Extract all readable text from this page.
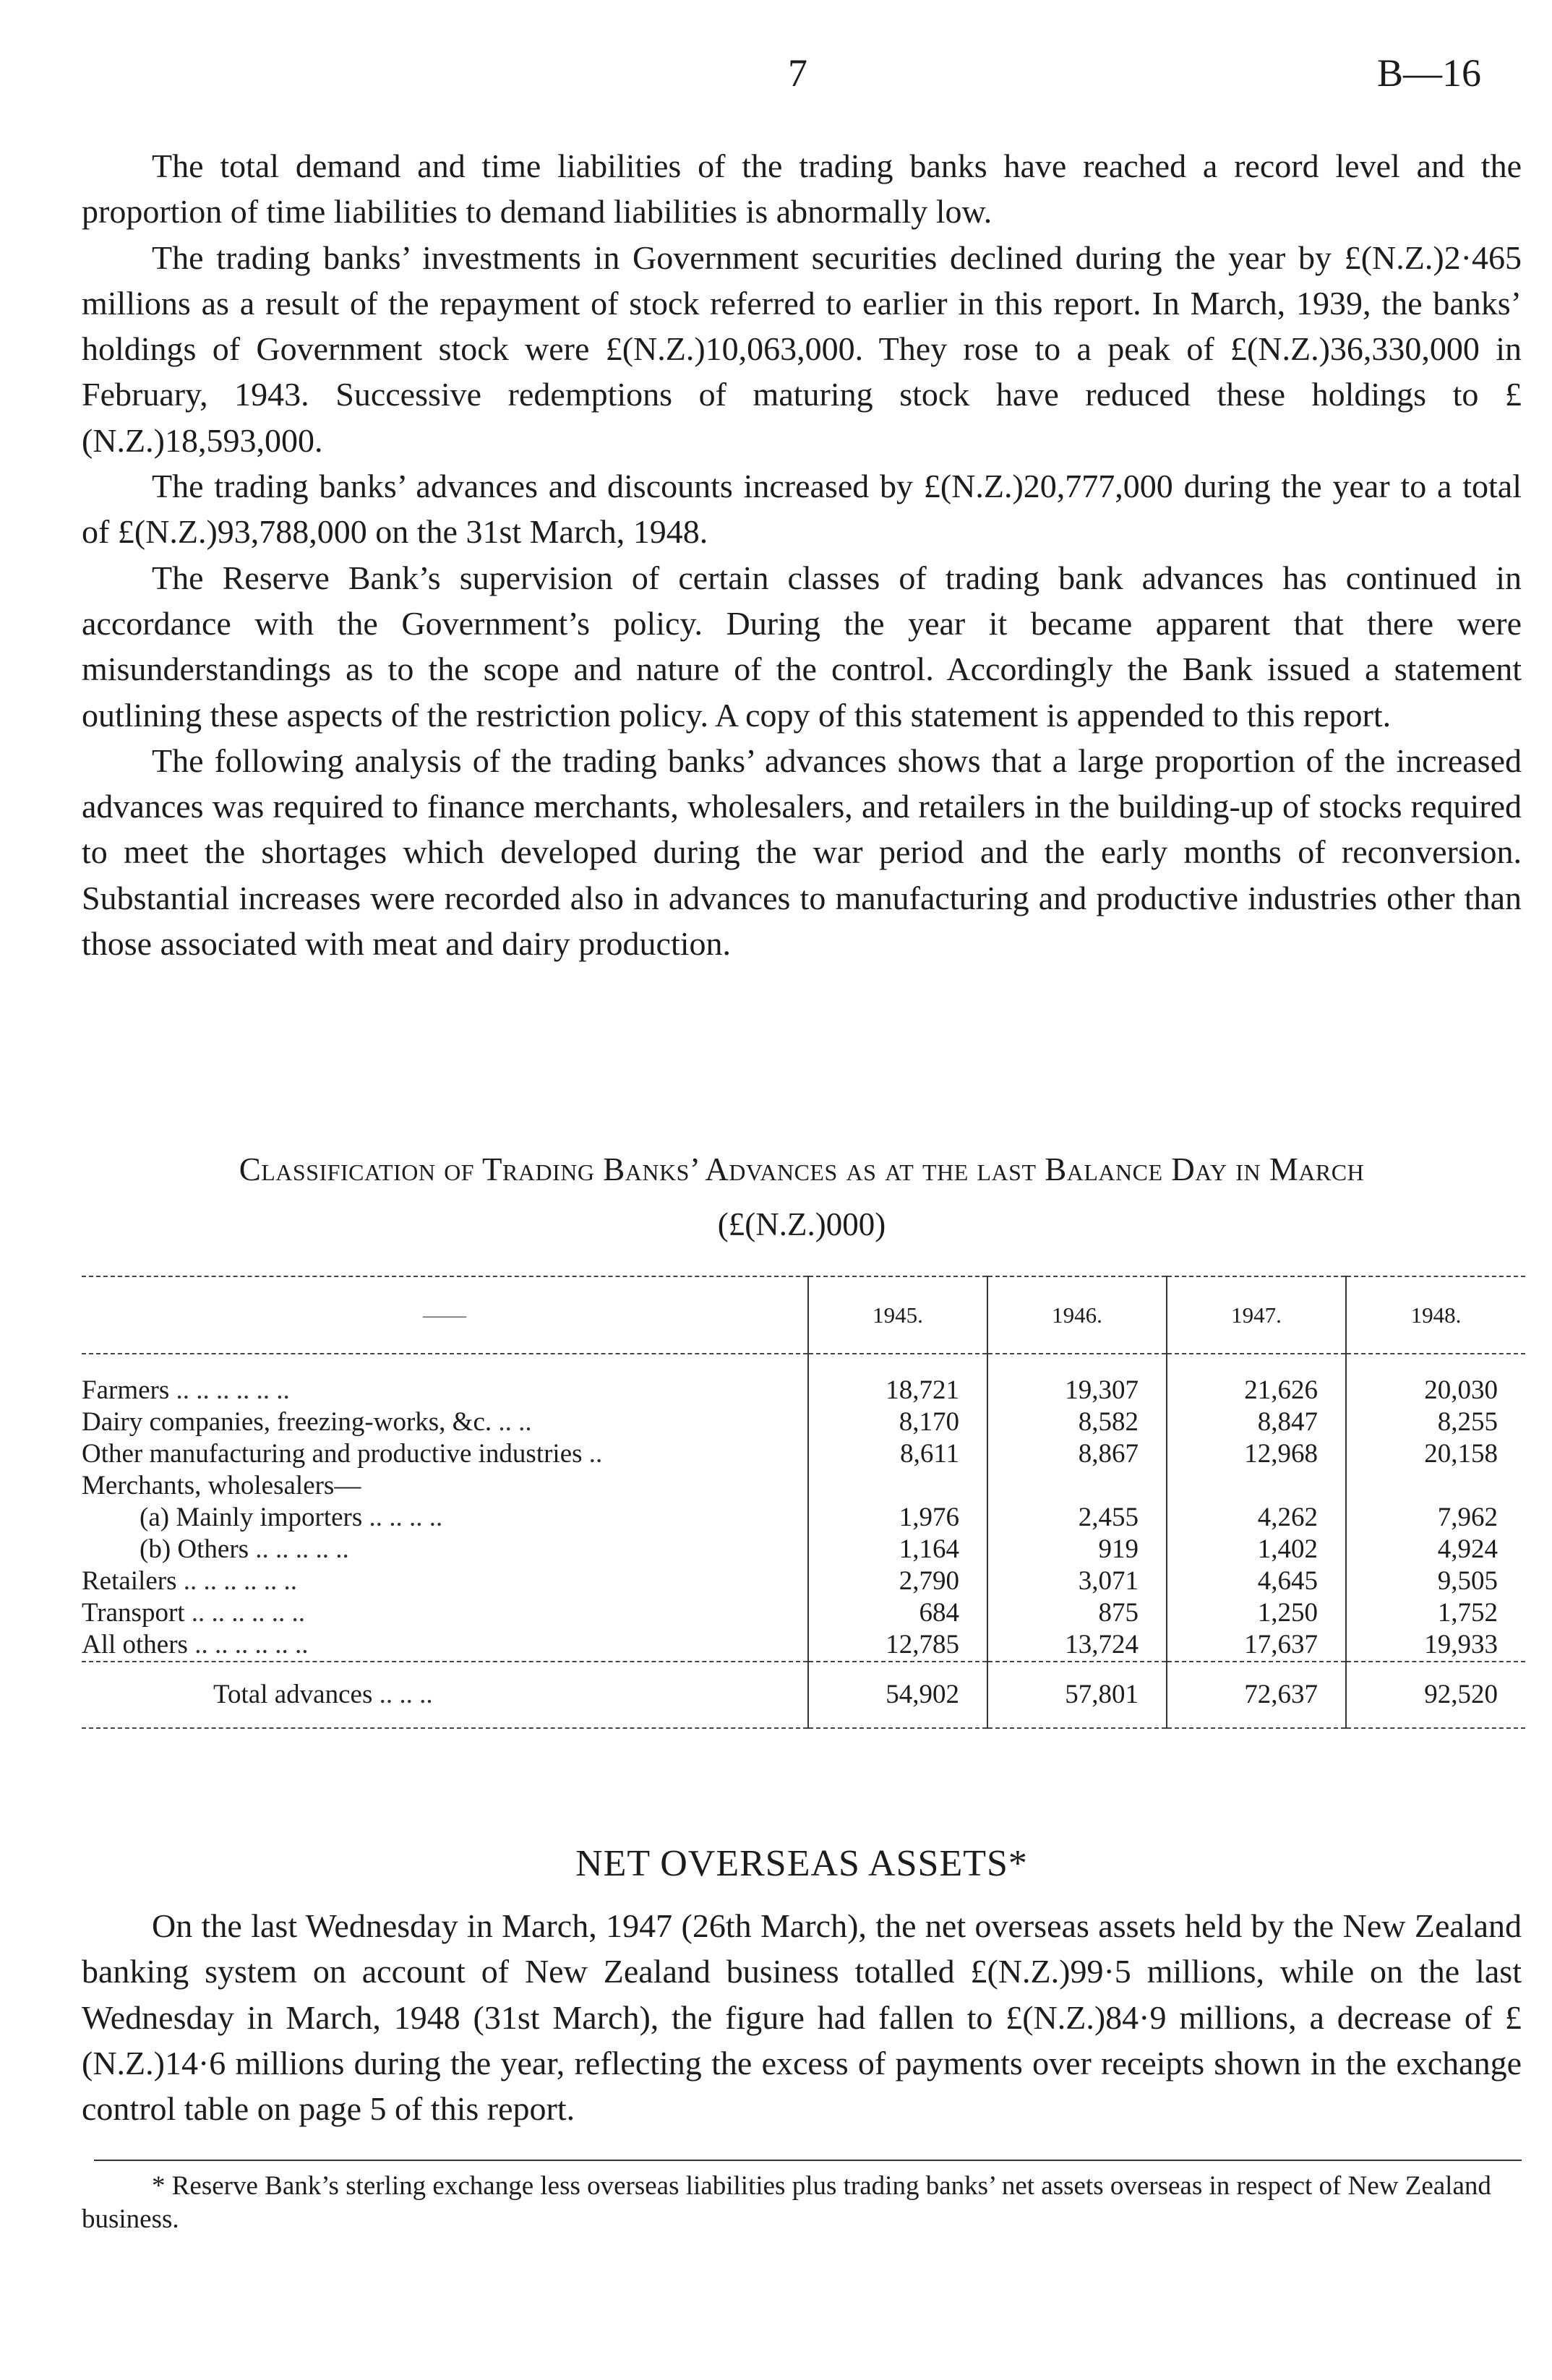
7	B—16

The total demand and time liabilities of the trading banks have reached a record level and the proportion of time liabilities to demand liabilities is abnormally low.

The trading banks’ investments in Government securities declined during the year by £(N.Z.)2·465 millions as a result of the repayment of stock referred to earlier in this report. In March, 1939, the banks’ holdings of Government stock were £(N.Z.)10,063,000. They rose to a peak of £(N.Z.)36,330,000 in February, 1943. Successive redemptions of maturing stock have reduced these holdings to £(N.Z.)18,593,000.

The trading banks’ advances and discounts increased by £(N.Z.)20,777,000 during the year to a total of £(N.Z.)93,788,000 on the 31st March, 1948.

The Reserve Bank’s supervision of certain classes of trading bank advances has continued in accordance with the Government’s policy. During the year it became apparent that there were misunderstandings as to the scope and nature of the control. Accordingly the Bank issued a statement outlining these aspects of the restriction policy. A copy of this statement is appended to this report.

The following analysis of the trading banks’ advances shows that a large proportion of the increased advances was required to finance merchants, wholesalers, and retailers in the building-up of stocks required to meet the shortages which developed during the war period and the early months of reconversion. Substantial increases were recorded also in advances to manufacturing and productive industries other than those associated with meat and dairy production.

Classification of Trading Banks’ Advances as at the last Balance Day in March
(£(N.Z.)000)
——	1945.	1946.	1947.	1948.
Farmers .. .. .. .. .. ..	18,721	19,307	21,626	20,030
Dairy companies, freezing-works, &c. .. ..	8,170	8,582	8,847	8,255
Other manufacturing and productive industries ..	8,611	8,867	12,968	20,158
Merchants, wholesalers—				
(a) Mainly importers .. .. .. ..	1,976	2,455	4,262	7,962
(b) Others .. .. .. .. ..	1,164	919	1,402	4,924
Retailers .. .. .. .. .. ..	2,790	3,071	4,645	9,505
Transport .. .. .. .. .. ..	684	875	1,250	1,752
All others .. .. .. .. .. ..	12,785	13,724	17,637	19,933
Total advances .. .. ..	54,902	57,801	72,637	92,520
NET OVERSEAS ASSETS*

On the last Wednesday in March, 1947 (26th March), the net overseas assets held by the New Zealand banking system on account of New Zealand business totalled £(N.Z.)99·5 millions, while on the last Wednesday in March, 1948 (31st March), the figure had fallen to £(N.Z.)84·9 millions, a decrease of £(N.Z.)14·6 millions during the year, reflecting the excess of payments over receipts shown in the exchange control table on page 5 of this report.

* Reserve Bank’s sterling exchange less overseas liabilities plus trading banks’ net assets overseas in respect of New Zealand business.
